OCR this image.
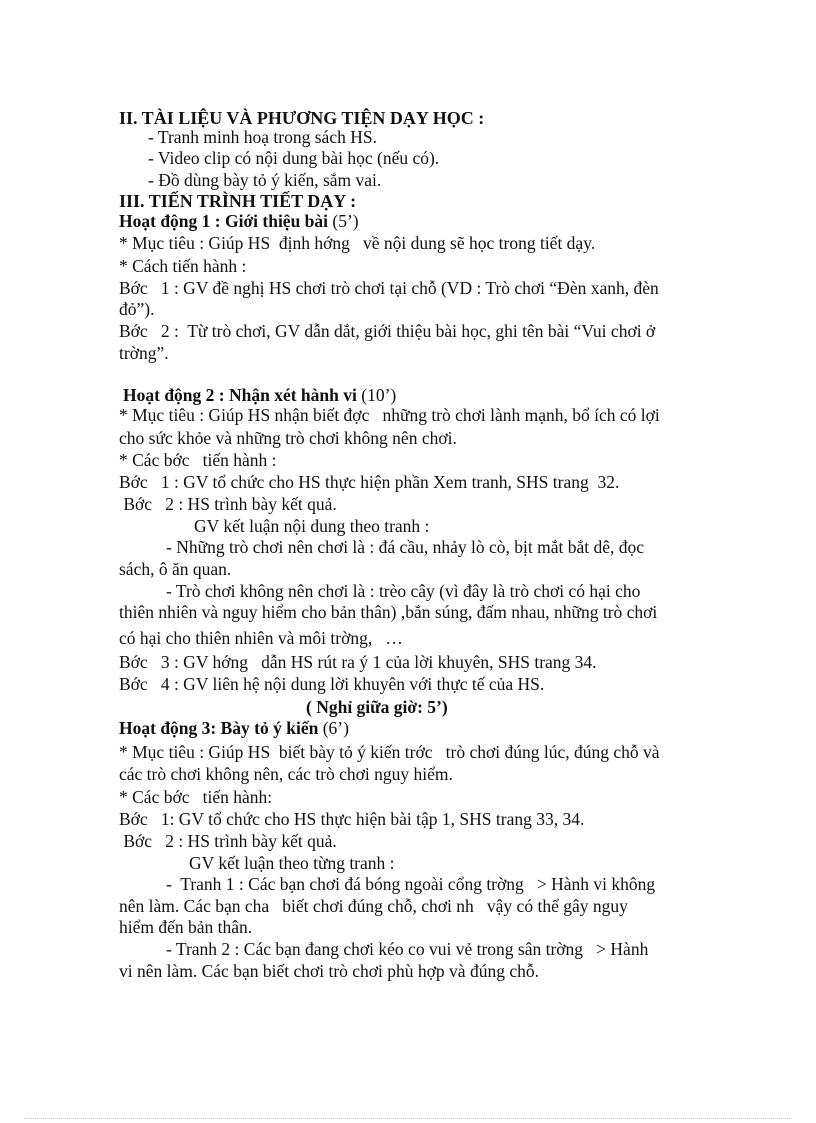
II. TÀI LIỆU VÀ PHƯƠNG TIỆN DẠY HỌC :
- Tranh minh hoạ trong sách HS.
- Video clip có nội dung bài học (nếu có).
- Đồ dùng bày tỏ ý kiến, sắm vai.
III. TIẾN TRÌNH TIẾT DẠY :
Hoạt động 1 : Giới thiệu bài (5’)
* Mục tiêu : Giúp HS  định hớng   về nội dung sẽ học trong tiết dạy.
* Cách tiến hành :
Bớc   1 : GV đề nghị HS chơi trò chơi tại chỗ (VD : Trò chơi “Đèn xanh, đèn
đỏ”).
Bớc   2 :  Từ trò chơi, GV dẫn dắt, giới thiệu bài học, ghi tên bài “Vui chơi ở
trờng”.
Hoạt động 2 : Nhận xét hành vi (10’)
* Mục tiêu : Giúp HS nhận biết đợc   những trò chơi lành mạnh, bổ ích có lợi
cho sức khỏe và những trò chơi không nên chơi.
* Các bớc   tiến hành :
Bớc   1 : GV tổ chức cho HS thực hiện phần Xem tranh, SHS trang  32.
Bớc   2 : HS trình bày kết quả.
GV kết luận nội dung theo tranh :
- Những trò chơi nên chơi là : đá cầu, nhảy lò cò, bịt mắt bắt dê, đọc
sách, ô ăn quan.
- Trò chơi không nên chơi là : trèo cây (vì đây là trò chơi có hại cho
thiên nhiên và nguy hiểm cho bản thân) ,bắn súng, đấm nhau, những trò chơi
có hại cho thiên nhiên và môi trờng,   …
Bớc   3 : GV hớng   dẫn HS rút ra ý 1 của lời khuyên, SHS trang 34.
Bớc   4 : GV liên hệ nội dung lời khuyên với thực tế của HS.
( Nghỉ giữa giờ: 5’)
Hoạt động 3: Bày tỏ ý kiến (6’)
* Mục tiêu : Giúp HS  biết bày tỏ ý kiến trớc   trò chơi đúng lúc, đúng chỗ và
các trò chơi không nên, các trò chơi nguy hiểm.
* Các bớc   tiến hành:
Bớc   1: GV tổ chức cho HS thực hiện bài tập 1, SHS trang 33, 34.
Bớc   2 : HS trình bày kết quả.
GV kết luận theo từng tranh :
-  Tranh 1 : Các bạn chơi đá bóng ngoài cổng trờng   > Hành vi không
nên làm. Các bạn cha   biết chơi đúng chỗ, chơi nh   vậy có thể gây nguy
hiểm đến bản thân.
- Tranh 2 : Các bạn đang chơi kéo co vui vẻ trong sân trờng   > Hành
vi nên làm. Các bạn biết chơi trò chơi phù hợp và đúng chỗ.
